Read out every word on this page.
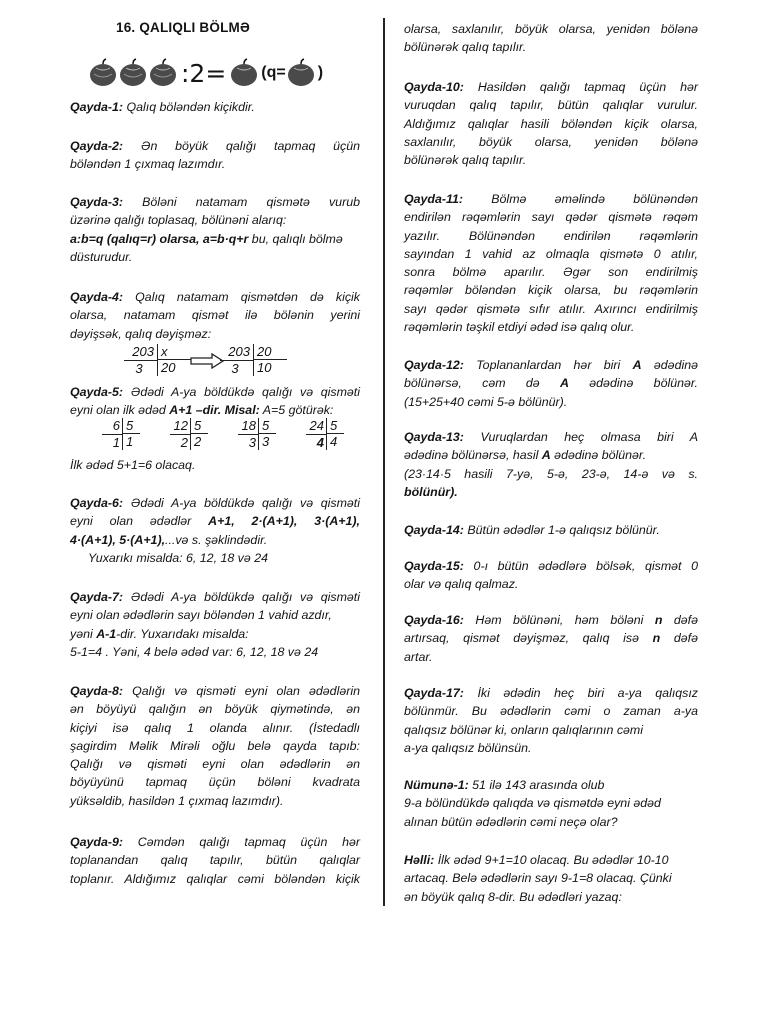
16. QALIQLI BÖLMƏ
:2= (q= )
Qayda-1: Qalıq böləndən kiçikdir.
Qayda-2: Ən böyük qalığı tapmaq üçün
böləndən 1 çıxmaq lazımdır.
Qayda-3: Böləni natamam qismətə vurub
üzərinə qalığı toplasaq, bölünəni alarıq:
a:b=q (qalıq=r) olarsa, a=b·q+r bu, qalıqlı bölmə
düsturudur.
Qayda-4: Qalıq natamam qismətdən də kiçik
olarsa, natamam qismət ilə bölənin yerini
dəyişsək, qalıq dəyişməz:
203 x
3	20
203 20
3	10
Qayda-5: Ədədi A-ya böldükdə qalığı və qisməti
eyni olan ilk ədəd A+1 –dir. Misal: A=5 götürək:
6 5
1 1
12 5
2 2
18 5
3 3
24 5
4 4
İlk ədəd 5+1=6 olacaq.
Qayda-6: Ədədi A-ya böldükdə qalığı və qisməti
eyni olan ədədlər A+1, 2·(A+1), 3·(A+1),
4·(A+1), 5·(A+1),...və s. şəklindədir.
Yuxarıkı misalda: 6, 12, 18 və 24
Qayda-7: Ədədi A-ya böldükdə qalığı və qisməti
eyni olan ədədlərin sayı böləndən 1 vahid azdır,
yəni A-1-dir. Yuxarıdakı misalda:
5-1=4 . Yəni, 4 belə ədəd var: 6, 12, 18 və 24
Qayda-8: Qalığı və qisməti eyni olan ədədlərin
ən böyüyü qalığın ən böyük qiymətində, ən
kiçiyi isə qalıq 1 olanda alınır. (İstedadlı
şagirdim Məlik Mirəli oğlu belə qayda tapıb:
Qalığı və qisməti eyni olan ədədlərin ən
böyüyünü tapmaq üçün böləni kvadrata
yüksəldib, hasildən 1 çıxmaq lazımdır).
Qayda-9: Cəmdən qalığı tapmaq üçün hər
toplanandan qalıq tapılır, bütün qalıqlar
toplanır. Aldığımız qalıqlar cəmi böləndən kiçik
olarsa, saxlanılır, böyük olarsa, yenidən bölənə
bölünərək qalıq tapılır.
Qayda-10: Hasildən qalığı tapmaq üçün hər
vuruqdan qalıq tapılır, bütün qalıqlar vurulur.
Aldığımız qalıqlar hasili böləndən kiçik olarsa,
saxlanılır, böyük olarsa, yenidən bölənə
bölünərək qalıq tapılır.
Qayda-11: Bölmə əməlində bölünəndən
endirilən rəqəmlərin sayı qədər qismətə rəqəm
yazılır. Bölünəndən endirilən rəqəmlərin
sayından 1 vahid az olmaqla qismətə 0 atılır,
sonra bölmə aparılır. Əgər son endirilmiş
rəqəmlər böləndən kiçik olarsa, bu rəqəmlərin
sayı qədər qismətə sıfır atılır. Axırıncı endirilmiş
rəqəmlərin təşkil etdiyi ədəd isə qalıq olur.
Qayda-12: Toplananlardan hər biri A ədədinə
bölünərsə, cəm də A ədədinə bölünər.
(15+25+40 cəmi 5-ə bölünür).
Qayda-13: Vuruqlardan heç olmasa biri A
ədədinə bölünərsə, hasil A ədədinə bölünər.
(23·14·5 hasili 7-yə, 5-ə, 23-ə, 14-ə və s.
bölünür).
Qayda-14: Bütün ədədlər 1-ə qalıqsız bölünür.
Qayda-15: 0-ı bütün ədədlərə bölsək, qismət 0
olar və qalıq qalmaz.
Qayda-16: Həm bölünəni, həm böləni n dəfə
artırsaq, qismət dəyişməz, qalıq isə n dəfə
artar.
Qayda-17: İki ədədin heç biri a-ya qalıqsız
bölünmür. Bu ədədlərin cəmi o zaman a-ya
qalıqsız bölünər ki, onların qalıqlarının cəmi
a-ya qalıqsız bölünsün.
Nümunə-1: 51 ilə 143 arasında olub
9-a bölündükdə qalıqda və qismətdə eyni ədəd
alınan bütün ədədlərin cəmi neçə olar?
Həlli: İlk ədəd 9+1=10 olacaq. Bu ədədlər 10-10
artacaq. Belə ədədlərin sayı 9-1=8 olacaq. Çünki
ən böyük qalıq 8-dir. Bu ədədləri yazaq:
